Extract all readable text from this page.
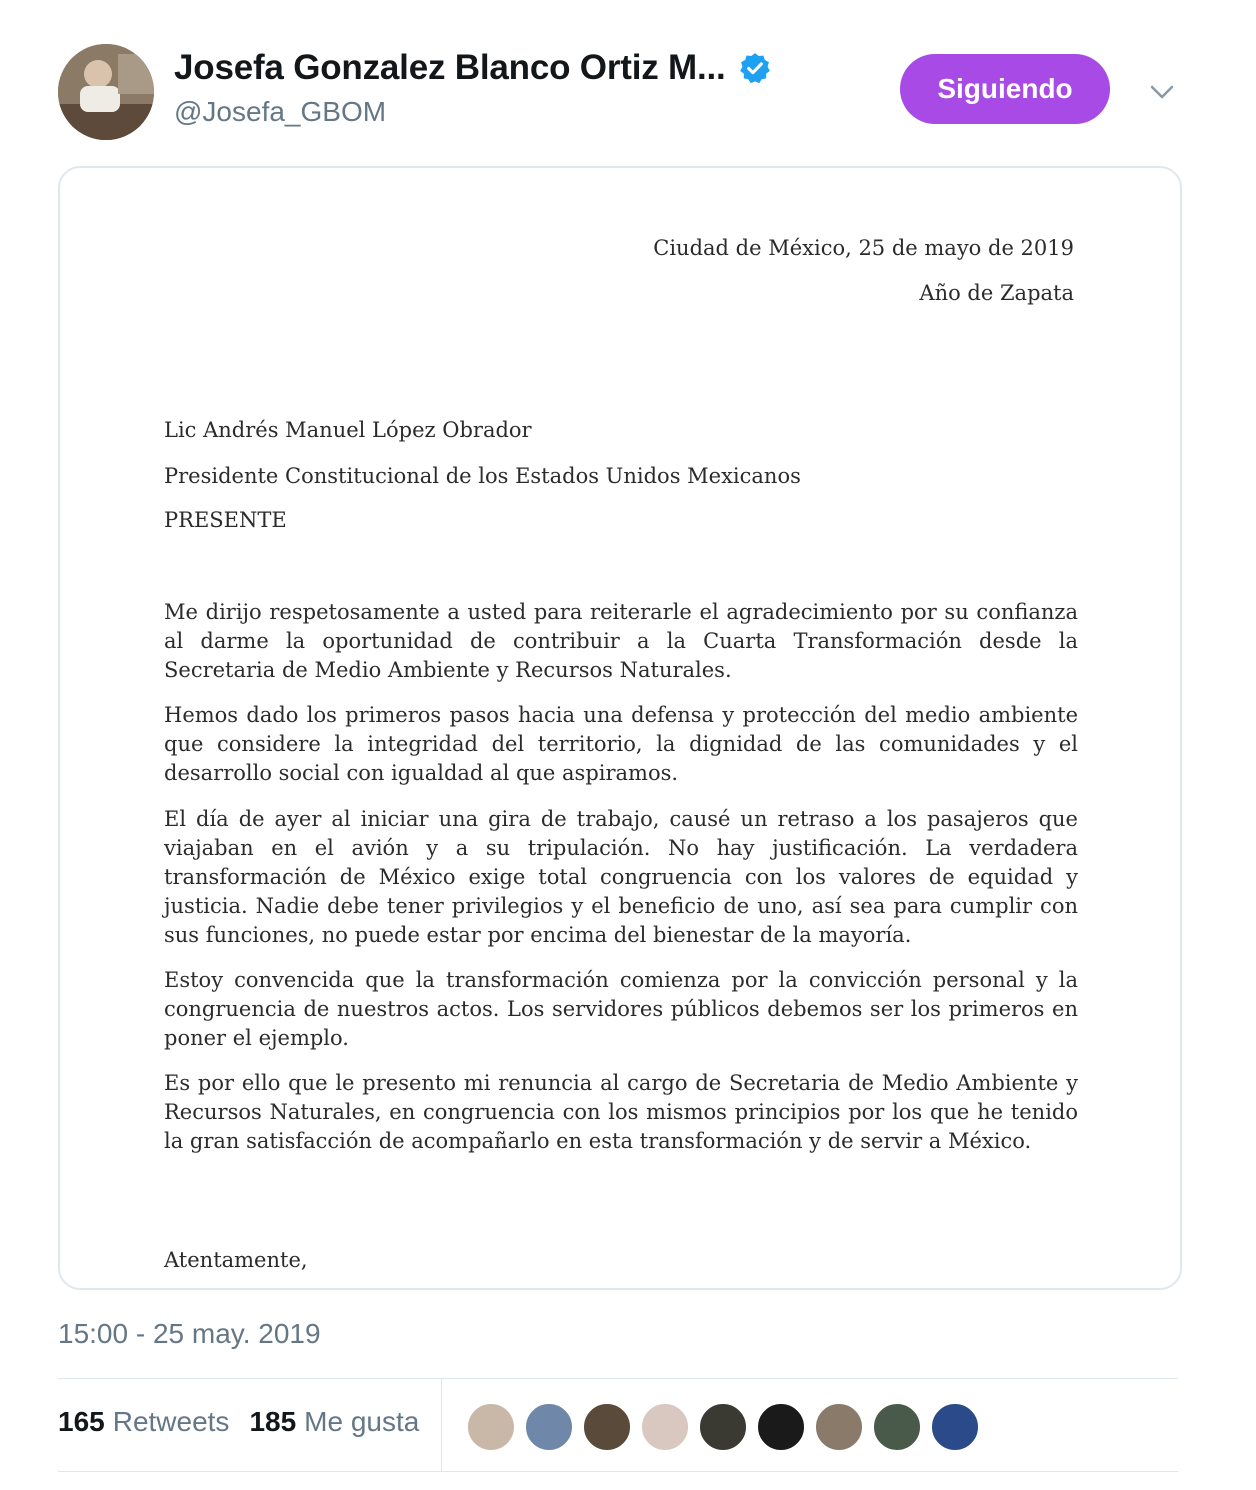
Josefa Gonzalez Blanco Ortiz M...
@Josefa_GBOM
Siguiendo
Ciudad de México, 25 de mayo de 2019
Año de Zapata
Lic Andrés Manuel López Obrador
Presidente Constitucional de los Estados Unidos Mexicanos
PRESENTE
Me dirijo respetosamente a usted para reiterarle el agradecimiento por su confianza al darme la oportunidad de contribuir a la Cuarta Transformación desde la Secretaria de Medio Ambiente y Recursos Naturales.
Hemos dado los primeros pasos hacia una defensa y protección del medio ambiente que considere la integridad del territorio, la dignidad de las comunidades y el desarrollo social con igualdad al que aspiramos.
El día de ayer al iniciar una gira de trabajo, causé un retraso a los pasajeros que viajaban en el avión y a su tripulación. No hay justificación. La verdadera transformación de México exige total congruencia con los valores de equidad y justicia. Nadie debe tener privilegios y el beneficio de uno, así sea para cumplir con sus funciones, no puede estar por encima del bienestar de la mayoría.
Estoy convencida que la transformación comienza por la convicción personal y la congruencia de nuestros actos. Los servidores públicos debemos ser los primeros en poner el ejemplo.
Es por ello que le presento mi renuncia al cargo de Secretaria de Medio Ambiente y Recursos Naturales, en congruencia con los mismos principios por los que he tenido la gran satisfacción de acompañarlo en esta transformación y de servir a México.
Atentamente,
15:00 - 25 may. 2019
165 Retweets 185 Me gusta
